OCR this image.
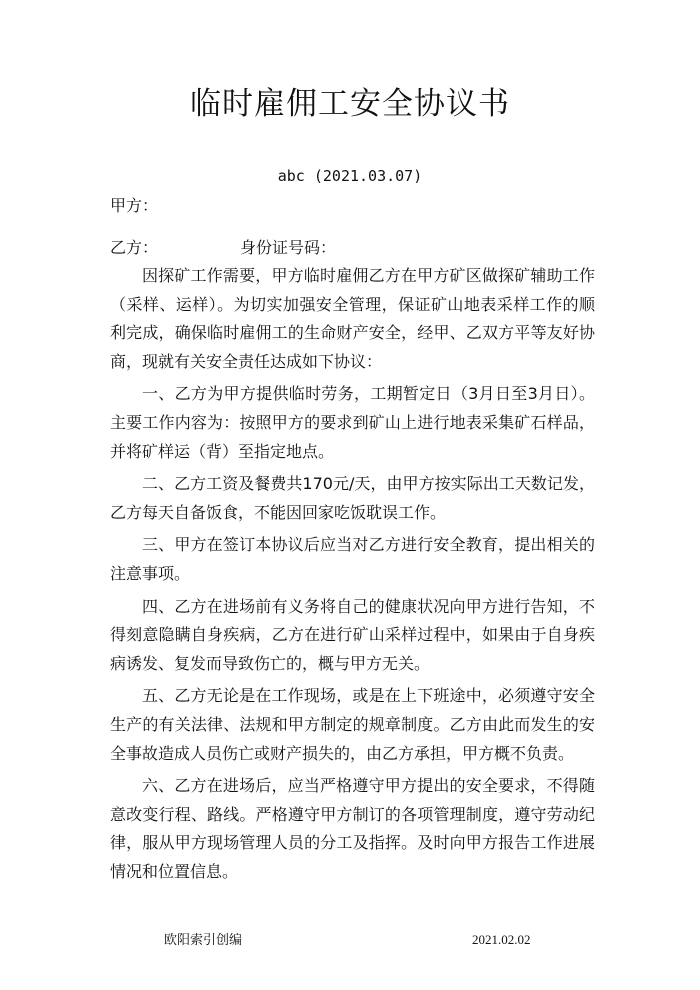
临时雇佣工安全协议书
abc (2021.03.07)
甲方：
乙方：	身份证号码：

因探矿工作需要，甲方临时雇佣乙方在甲方矿区做探矿辅助工作（采样、运样）。为切实加强安全管理，保证矿山地表采样工作的顺利完成，确保临时雇佣工的生命财产安全，经甲、乙双方平等友好协商，现就有关安全责任达成如下协议：

一、乙方为甲方提供临时劳务，工期暂定日（3月日至3月日）。主要工作内容为：按照甲方的要求到矿山上进行地表采集矿石样品，并将矿样运（背）至指定地点。

二、乙方工资及餐费共170元/天，由甲方按实际出工天数记发，乙方每天自备饭食，不能因回家吃饭耽误工作。

三、甲方在签订本协议后应当对乙方进行安全教育，提出相关的注意事项。

四、乙方在进场前有义务将自己的健康状况向甲方进行告知，不得刻意隐瞒自身疾病，乙方在进行矿山采样过程中，如果由于自身疾病诱发、复发而导致伤亡的，概与甲方无关。

五、乙方无论是在工作现场，或是在上下班途中，必须遵守安全生产的有关法律、法规和甲方制定的规章制度。乙方由此而发生的安全事故造成人员伤亡或财产损失的，由乙方承担，甲方概不负责。

六、乙方在进场后，应当严格遵守甲方提出的安全要求，不得随意改变行程、路线。严格遵守甲方制订的各项管理制度，遵守劳动纪律，服从甲方现场管理人员的分工及指挥。及时向甲方报告工作进展情况和位置信息。

欧阳索引创编	2021.02.02
